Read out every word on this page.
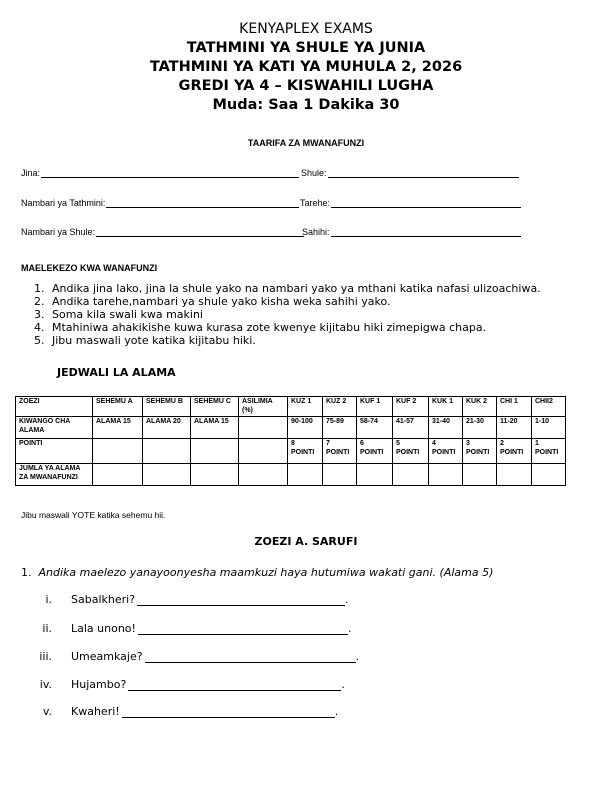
KENYAPLEX EXAMS
TATHMINI YA SHULE YA JUNIA
TATHMINI YA KATI YA MUHULA 2, 2026
GREDI YA 4 – KISWAHILI LUGHA
Muda: Saa 1 Dakika 30
TAARIFA ZA MWANAFUNZI
Jina:	Shule:
Nambari ya Tathmini:	Tarehe:
Nambari ya Shule:	Sahihi:
MAELEKEZO KWA WANAFUNZI
1. Andika jina lako, jina la shule yako na nambari yako ya mthani katika nafasi ulizoachiwa.
2. Andika tarehe,nambari ya shule yako kisha weka sahihi yako.
3. Soma kila swali kwa makini
4. Mtahiniwa ahakikishe kuwa kurasa zote kwenye kijitabu hiki zimepigwa chapa.
5. Jibu maswali yote katika kijitabu hiki.
JEDWALI LA ALAMA
ZOEZI	SEHEMU A	SEHEMU B	SEHEMU C	ASILIMIA (%)	KUZ 1	KUZ 2	KUF 1	KUF 2	KUK 1	KUK 2	CHI 1	CHII2
KIWANGO CHA ALAMA	ALAMA 15	ALAMA 20	ALAMA 15		90-100	75-89	58-74	41-57	31-40	21-30	11-20	1-10
POINTI					8 POINTI	7 POINTI	6 POINTI	5 POINTI	4 POINTI	3 POINTI	2 POINTI	1 POINTI
JUMLA YA ALAMA ZA MWANAFUNZI												
Jibu maswali YOTE katika sehemu hii.
ZOEZI A. SARUFI
1. Andika maelezo yanayoonyesha maamkuzi haya hutumiwa wakati gani. (Alama 5)
i.	Sabalkheri?	.
ii.	Lala unono!	.
iii.	Umeamkaje?	.
iv.	Hujambo?	.
v.	Kwaheri!	.
